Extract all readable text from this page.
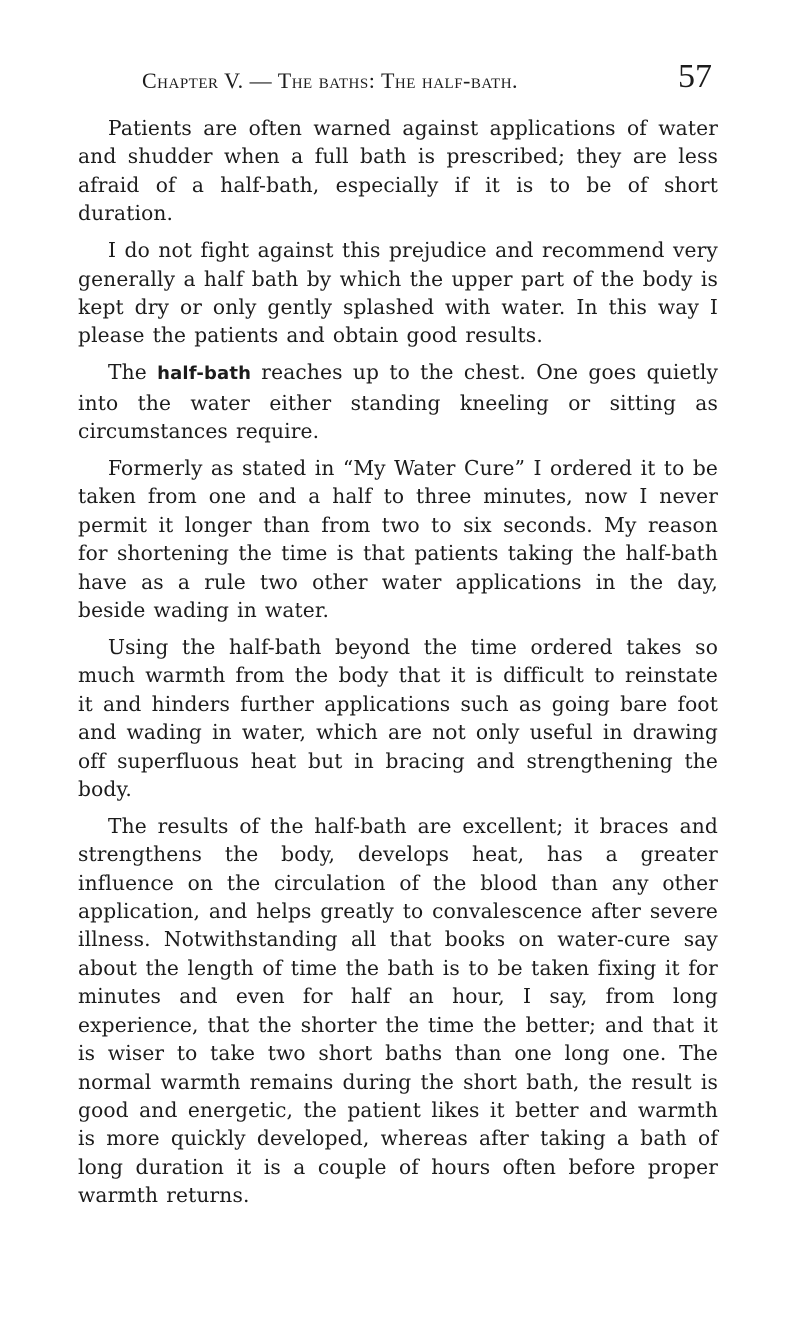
Chapter V. — The baths: The half-bath.	57

Patients are often warned against applications of water and shudder when a full bath is prescribed; they are less afraid of a half-bath, especially if it is to be of short duration.

I do not fight against this prejudice and recommend very generally a half bath by which the upper part of the body is kept dry or only gently splashed with water. In this way I please the patients and obtain good results.

The half-bath reaches up to the chest. One goes quietly into the water either standing kneeling or sitting as circumstances require.

Formerly as stated in “My Water Cure” I ordered it to be taken from one and a half to three minutes, now I never permit it longer than from two to six seconds. My reason for shortening the time is that patients taking the half-bath have as a rule two other water applications in the day, beside wading in water.

Using the half-bath beyond the time ordered takes so much warmth from the body that it is difficult to reinstate it and hinders further applications such as going bare foot and wading in water, which are not only useful in drawing off superfluous heat but in bracing and strengthening the body.

The results of the half-bath are excellent; it braces and strengthens the body, develops heat, has a greater influence on the circulation of the blood than any other application, and helps greatly to convalescence after severe illness. Notwithstanding all that books on water-cure say about the length of time the bath is to be taken fixing it for minutes and even for half an hour, I say, from long experience, that the shorter the time the better; and that it is wiser to take two short baths than one long one. The normal warmth remains during the short bath, the result is good and energetic, the patient likes it better and warmth is more quickly developed, whereas after taking a bath of long duration it is a couple of hours often before proper warmth returns.
